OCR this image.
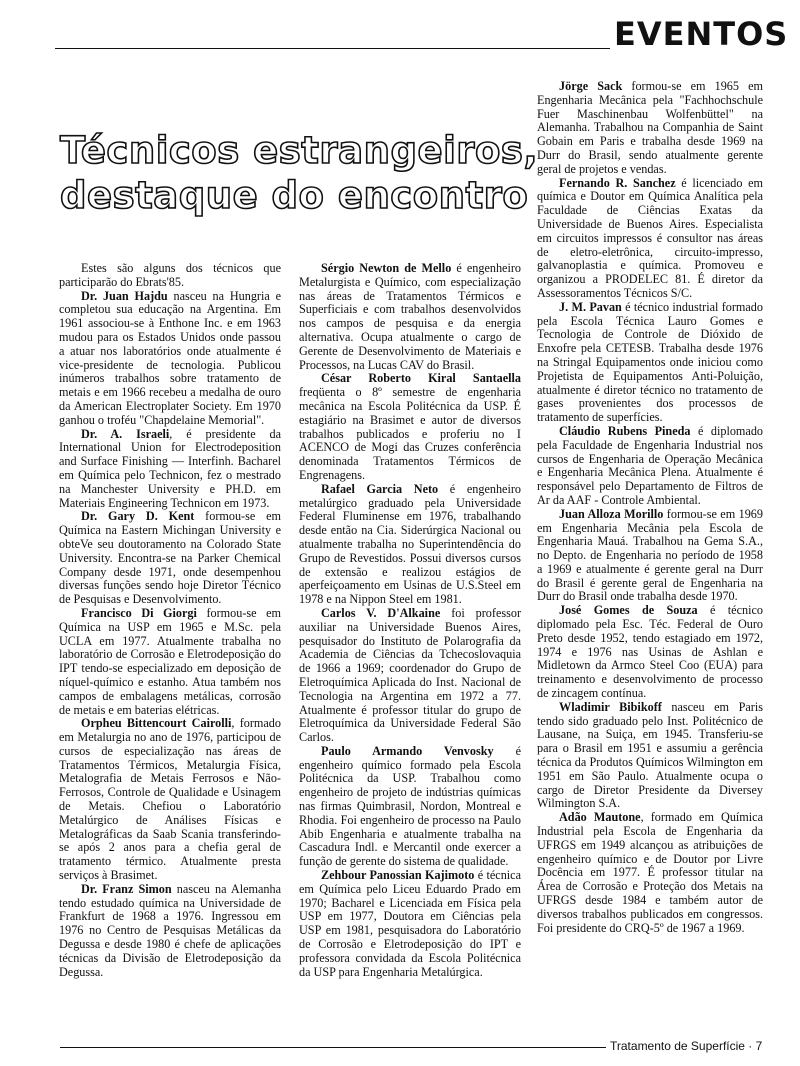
EVENTOS
Técnicos estrangeiros,
destaque do encontro

Estes são alguns dos técnicos que participarão do Ebrats'85.

Dr. Juan Hajdu nasceu na Hungria e completou sua educação na Argentina. Em 1961 associou-se à Enthone Inc. e em 1963 mudou para os Estados Unidos onde passou a atuar nos laboratórios onde atualmente é vice-presidente de tecnologia. Publicou inúmeros trabalhos sobre tratamento de metais e em 1966 recebeu a medalha de ouro da American Electroplater Society. Em 1970 ganhou o troféu "Chapdelaine Memorial".

Dr. A. Israeli, é presidente da International Union for Electrodeposition and Surface Finishing — Interfinh. Bacharel em Química pelo Technicon, fez o mestrado na Manchester University e PH.D. em Materiais Engineering Technicon em 1973.

Dr. Gary D. Kent formou-se em Química na Eastern Michingan University e obteVe seu doutoramento na Colorado State University. Encontra-se na Parker Chemical Company desde 1971, onde desempenhou diversas funções sendo hoje Diretor Técnico de Pesquisas e Desenvolvimento.

Francisco Di Giorgi formou-se em Química na USP em 1965 e M.Sc. pela UCLA em 1977. Atualmente trabalha no laboratório de Corrosão e Eletrodeposição do IPT tendo-se especializado em deposição de níquel-químico e estanho. Atua também nos campos de embalagens metálicas, corrosão de metais e em baterias elétricas.

Orpheu Bittencourt Cairolli, formado em Metalurgia no ano de 1976, participou de cursos de especialização nas áreas de Tratamentos Térmicos, Metalurgia Física, Metalografia de Metais Ferrosos e Não-Ferrosos, Controle de Qualidade e Usinagem de Metais. Chefiou o Laboratório Metalúrgico de Análises Físicas e Metalográficas da Saab Scania transferindo-se após 2 anos para a chefia geral de tratamento térmico. Atualmente presta serviços à Brasimet.

Dr. Franz Simon nasceu na Alemanha tendo estudado química na Universidade de Frankfurt de 1968 a 1976. Ingressou em 1976 no Centro de Pesquisas Metálicas da Degussa e desde 1980 é chefe de aplicações técnicas da Divisão de Eletrodeposição da Degussa.

Sérgio Newton de Mello é engenheiro Metalurgista e Químico, com especialização nas áreas de Tratamentos Térmicos e Superficiais e com trabalhos desenvolvidos nos campos de pesquisa e da energia alternativa. Ocupa atualmente o cargo de Gerente de Desenvolvimento de Materiais e Processos, na Lucas CAV do Brasil.

César Roberto Kiral Santaella freqüenta o 8º semestre de engenharia mecânica na Escola Politécnica da USP. É estagiário na Brasimet e autor de diversos trabalhos publicados e proferiu no I ACENCO de Mogi das Cruzes conferência denominada Tratamentos Térmicos de Engrenagens.

Rafael Garcia Neto é engenheiro metalúrgico graduado pela Universidade Federal Fluminense em 1976, trabalhando desde então na Cia. Siderúrgica Nacional ou atualmente trabalha no Superintendência do Grupo de Revestidos. Possui diversos cursos de extensão e realizou estágios de aperfeiçoamento em Usinas de U.S.Steel em 1978 e na Nippon Steel em 1981.

Carlos V. D'Alkaine foi professor auxiliar na Universidade Buenos Aires, pesquisador do Instituto de Polarografia da Academia de Ciências da Tchecoslovaquia de 1966 a 1969; coordenador do Grupo de Eletroquímica Aplicada do Inst. Nacional de Tecnologia na Argentina em 1972 a 77. Atualmente é professor titular do grupo de Eletroquímica da Universidade Federal São Carlos.

Paulo Armando Venvosky é engenheiro químico formado pela Escola Politécnica da USP. Trabalhou como engenheiro de projeto de indústrias químicas nas firmas Quimbrasil, Nordon, Montreal e Rhodia. Foi engenheiro de processo na Paulo Abib Engenharia e atualmente trabalha na Cascadura Indl. e Mercantil onde exercer a função de gerente do sistema de qualidade.

Zehbour Panossian Kajimoto é técnica em Química pelo Liceu Eduardo Prado em 1970; Bacharel e Licenciada em Física pela USP em 1977, Doutora em Ciências pela USP em 1981, pesquisadora do Laboratório de Corrosão e Eletrodeposição do IPT e professora convidada da Escola Politécnica da USP para Engenharia Metalúrgica.

Jörge Sack formou-se em 1965 em Engenharia Mecânica pela "Fachhochschule Fuer Maschinenbau Wolfenbüttel" na Alemanha. Trabalhou na Companhia de Saint Gobain em Paris e trabalha desde 1969 na Durr do Brasil, sendo atualmente gerente geral de projetos e vendas.

Fernando R. Sanchez é licenciado em química e Doutor em Química Analítica pela Faculdade de Ciências Exatas da Universidade de Buenos Aires. Especialista em circuitos impressos é consultor nas áreas de eletro-eletrônica, circuito-impresso, galvanoplastia e química. Promoveu e organizou a PRODELEC 81. É diretor da Assessoramentos Técnicos S/C.

J. M. Pavan é técnico industrial formado pela Escola Técnica Lauro Gomes e Tecnologia de Controle de Dióxido de Enxofre pela CETESB. Trabalha desde 1976 na Stringal Equipamentos onde iniciou como Projetista de Equipamentos Anti-Poluição, atualmente é diretor técnico no tratamento de gases provenientes dos processos de tratamento de superfícies.

Cláudio Rubens Pineda é diplomado pela Faculdade de Engenharia Industrial nos cursos de Engenharia de Operação Mecânica e Engenharia Mecânica Plena. Atualmente é responsável pelo Departamento de Filtros de Ar da AAF - Controle Ambiental.

Juan Alloza Morillo formou-se em 1969 em Engenharia Mecânia pela Escola de Engenharia Mauá. Trabalhou na Gema S.A., no Depto. de Engenharia no período de 1958 a 1969 e atualmente é gerente geral na Durr do Brasil é gerente geral de Engenharia na Durr do Brasil onde trabalha desde 1970.

José Gomes de Souza é técnico diplomado pela Esc. Téc. Federal de Ouro Preto desde 1952, tendo estagiado em 1972, 1974 e 1976 nas Usinas de Ashlan e Midletown da Armco Steel Coo (EUA) para treinamento e desenvolvimento de processo de zincagem contínua.

Wladimir Bibikoff nasceu em Paris tendo sido graduado pelo Inst. Politécnico de Lausane, na Suiça, em 1945. Transferiu-se para o Brasil em 1951 e assumiu a gerência técnica da Produtos Químicos Wilmington em 1951 em São Paulo. Atualmente ocupa o cargo de Diretor Presidente da Diversey Wilmington S.A.

Adão Mautone, formado em Química Industrial pela Escola de Engenharia da UFRGS em 1949 alcançou as atribuições de engenheiro químico e de Doutor por Livre Docência em 1977. É professor titular na Área de Corrosão e Proteção dos Metais na UFRGS desde 1984 e também autor de diversos trabalhos publicados em congressos. Foi presidente do CRQ-5º de 1967 a 1969.

Tratamento de Superfície · 7
